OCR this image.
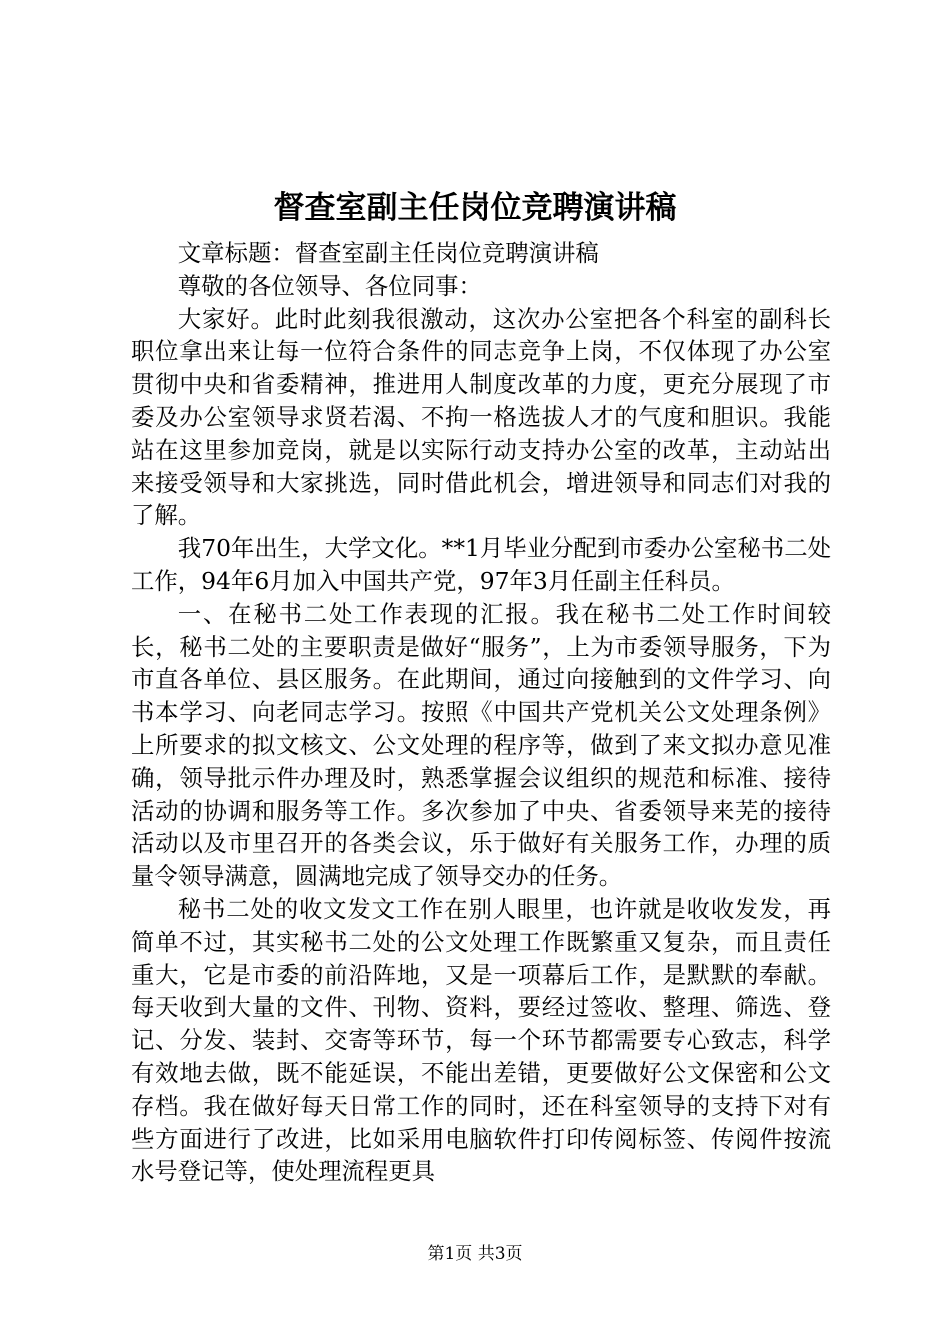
督查室副主任岗位竞聘演讲稿

文章标题：督查室副主任岗位竞聘演讲稿

尊敬的各位领导、各位同事：

大家好。此时此刻我很激动，这次办公室把各个科室的副科长职位拿出来让每一位符合条件的同志竞争上岗，不仅体现了办公室贯彻中央和省委精神，推进用人制度改革的力度，更充分展现了市委及办公室领导求贤若渴、不拘一格选拔人才的气度和胆识。我能站在这里参加竞岗，就是以实际行动支持办公室的改革，主动站出来接受领导和大家挑选，同时借此机会，增进领导和同志们对我的了解。

我70年出生，大学文化。**1月毕业分配到市委办公室秘书二处工作，94年6月加入中国共产党，97年3月任副主任科员。

一、在秘书二处工作表现的汇报。我在秘书二处工作时间较长，秘书二处的主要职责是做好“服务”，上为市委领导服务，下为市直各单位、县区服务。在此期间，通过向接触到的文件学习、向书本学习、向老同志学习。按照《中国共产党机关公文处理条例》上所要求的拟文核文、公文处理的程序等，做到了来文拟办意见准确，领导批示件办理及时，熟悉掌握会议组织的规范和标准、接待活动的协调和服务等工作。多次参加了中央、省委领导来芜的接待活动以及市里召开的各类会议，乐于做好有关服务工作，办理的质量令领导满意，圆满地完成了领导交办的任务。

秘书二处的收文发文工作在别人眼里，也许就是收收发发，再简单不过，其实秘书二处的公文处理工作既繁重又复杂，而且责任重大，它是市委的前沿阵地，又是一项幕后工作，是默默的奉献。每天收到大量的文件、刊物、资料，要经过签收、整理、筛选、登记、分发、装封、交寄等环节，每一个环节都需要专心致志，科学有效地去做，既不能延误，不能出差错，更要做好公文保密和公文存档。我在做好每天日常工作的同时，还在科室领导的支持下对有些方面进行了改进，比如采用电脑软件打印传阅标签、传阅件按流水号登记等，使处理流程更具

第1页 共3页
